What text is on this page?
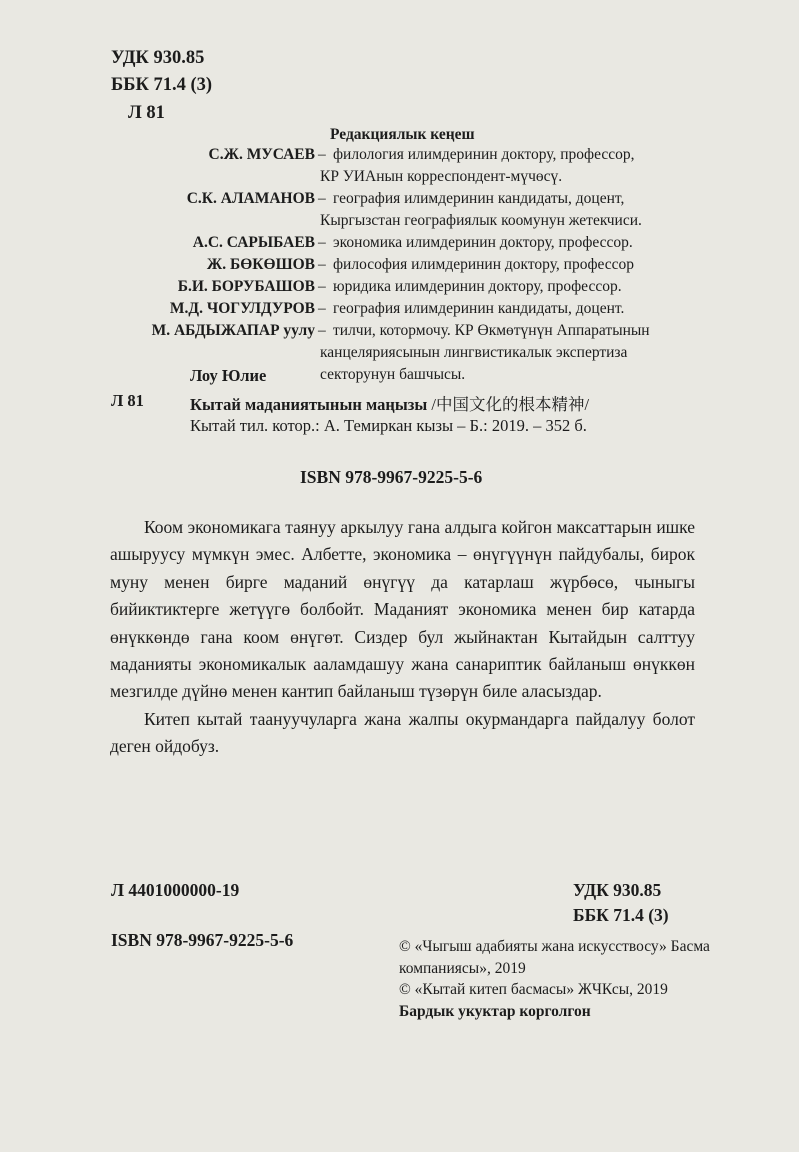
УДК 930.85
ББК 71.4 (3)
Л 81
Редакциялык кеңеш
С.Ж. МУСАЕВ – филология илимдеринин доктору, профессор,
КР УИАнын корреспондент-мүчөсү.
С.К. АЛАМАНОВ – география илимдеринин кандидаты, доцент,
Кыргызстан географиялык коомунун жетекчиси.
А.С. САРЫБАЕВ – экономика илимдеринин доктору, профессор.
Ж. БӨКӨШОВ – философия илимдеринин доктору, профессор
Б.И. БОРУБАШОВ – юридика илимдеринин доктору, профессор.
М.Д. ЧОГУЛДУРОВ – география илимдеринин кандидаты, доцент.
М. АБДЫЖАПАР уулу – тилчи, котормочу. КР Өкмөтүнүн Аппаратынын
канцеляриясынын лингвистикалык экспертиза
секторунун башчысы.
Лоу Юлие
Л 81	Кытай маданиятынын маңызы /中国文化的根本精神/
Кытай тил. котор.: А. Темиркан кызы – Б.: 2019. – 352 б.
ISBN 978-9967-9225-5-6

Коом экономикага таянуу аркылуу гана алдыга койгон максаттарын ишке ашыруусу мүмкүн эмес. Албетте, экономика – өнүгүүнүн пайдубалы, бирок муну менен бирге маданий өнүгүү да катарлаш жүрбөсө, чыныгы бийиктиктерге жетүүгө болбойт. Маданият экономика менен бир катарда өнүккөндө гана коом өнүгөт. Сиздер бул жыйнактан Кытайдын салттуу маданияты экономикалык ааламдашуу жана санариптик байланыш өнүккөн мезгилде дүйнө менен кантип байланыш түзөрүн биле аласыздар.

Китеп кытай таануучуларга жана жалпы окурмандарга пайдалуу болот деген ойдобуз.

Л 4401000000-19
ISBN 978-9967-9225-5-6
УДК 930.85
ББК 71.4 (3)
© «Чыгыш адабияты жана искусствосу» Басма компаниясы», 2019
© «Кытай китеп басмасы» ЖЧКсы, 2019
Бардык укуктар корголгон
